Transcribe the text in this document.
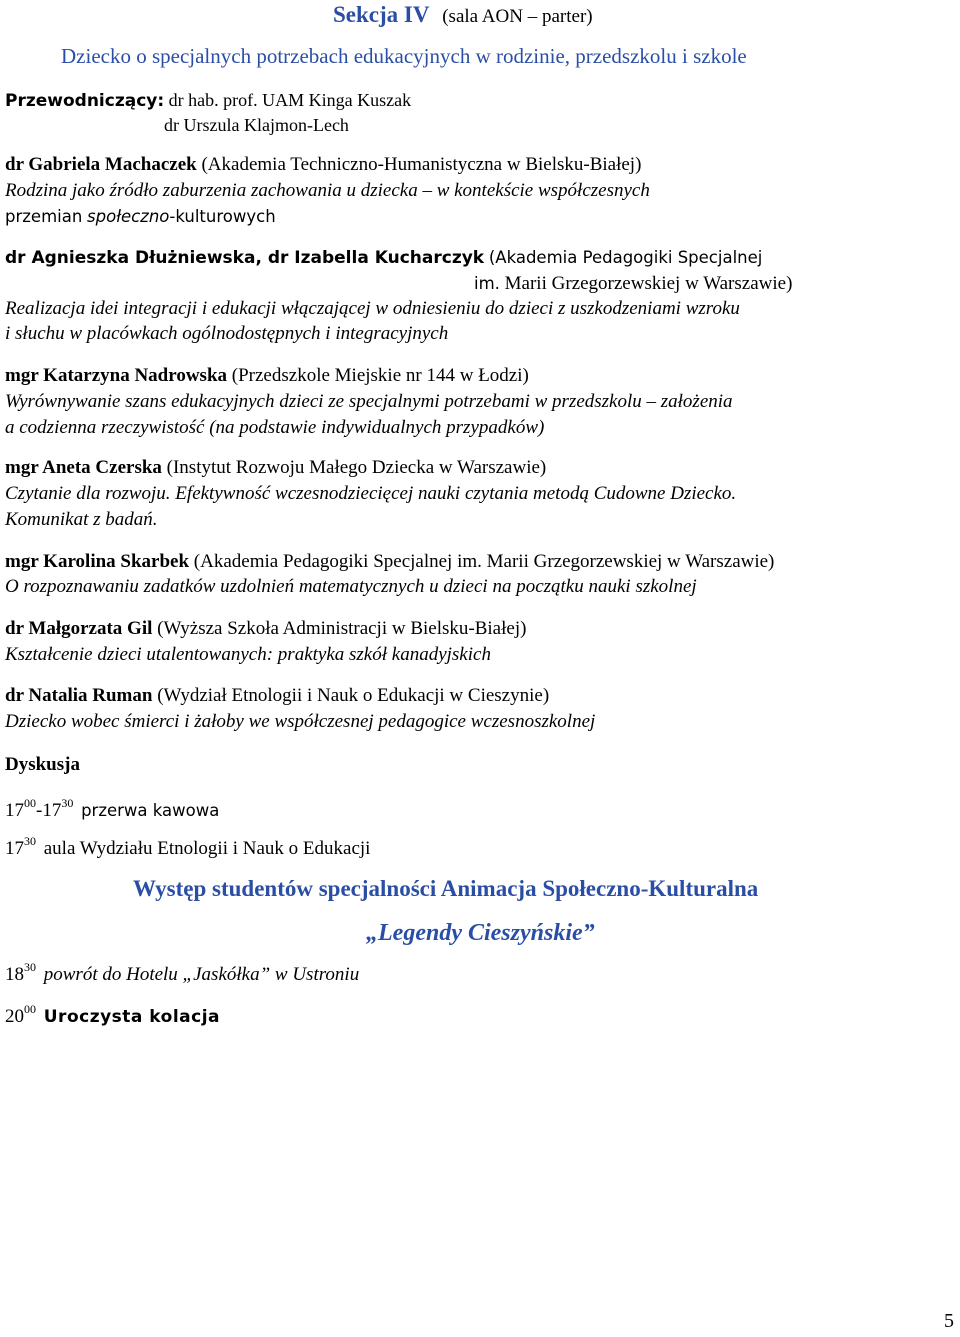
Sekcja IV (sala AON – parter)
Dziecko o specjalnych potrzebach edukacyjnych w rodzinie, przedszkolu i szkole
Przewodniczący: dr hab. prof. UAM Kinga Kuszak
dr Urszula Klajmon-Lech
dr Gabriela Machaczek (Akademia Techniczno-Humanistyczna w Bielsku-Białej)
Rodzina jako źródło zaburzenia zachowania u dziecka – w kontekście współczesnych
przemian społeczno-kulturowych
dr Agnieszka Dłużniewska, dr Izabella Kucharczyk (Akademia Pedagogiki Specjalnej
im. Marii Grzegorzewskiej w Warszawie)
Realizacja idei integracji i edukacji włączającej w odniesieniu do dzieci z uszkodzeniami wzroku
i słuchu w placówkach ogólnodostępnych i integracyjnych
mgr Katarzyna Nadrowska (Przedszkole Miejskie nr 144 w Łodzi)
Wyrównywanie szans edukacyjnych dzieci ze specjalnymi potrzebami w przedszkolu – założenia
a codzienna rzeczywistość (na podstawie indywidualnych przypadków)
mgr Aneta Czerska (Instytut Rozwoju Małego Dziecka w Warszawie)
Czytanie dla rozwoju. Efektywność wczesnodziecięcej nauki czytania metodą Cudowne Dziecko.
Komunikat z badań.
mgr Karolina Skarbek (Akademia Pedagogiki Specjalnej im. Marii Grzegorzewskiej w Warszawie)
O rozpoznawaniu zadatków uzdolnień matematycznych u dzieci na początku nauki szkolnej
dr Małgorzata Gil (Wyższa Szkoła Administracji w Bielsku-Białej)
Kształcenie dzieci utalentowanych: praktyka szkół kanadyjskich
dr Natalia Ruman (Wydział Etnologii i Nauk o Edukacji w Cieszynie)
Dziecko wobec śmierci i żałoby we współczesnej pedagogice wczesnoszkolnej
Dyskusja
$17^{00}-17^{30}$ przerwa kawowa
$17^{30}$ aula Wydziału Etnologii i Nauk o Edukacji
Występ studentów specjalności Animacja Społeczno-Kulturalna
„Legendy Cieszyńskie”
$18^{30}$ powrót do Hotelu „Jaskółka” w Ustroniu
$20^{00}$ Uroczysta kolacja
5
